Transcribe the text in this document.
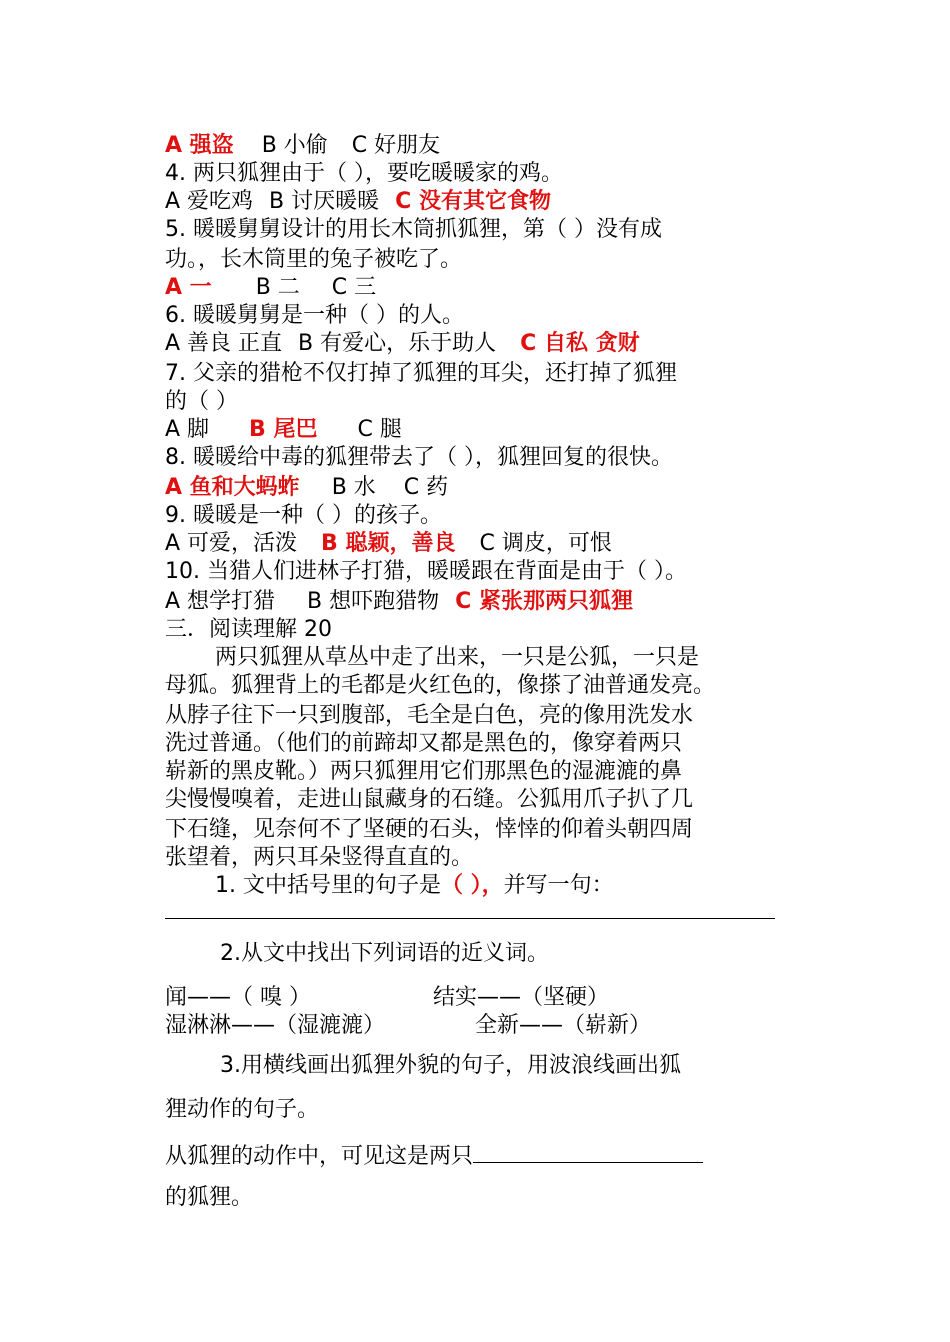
A 强盗 B 小偷 C 好朋友
4. 两只狐狸由于（ ），要吃暖暖家的鸡。
A 爱吃鸡 B 讨厌暖暖 C 没有其它食物
5. 暖暖舅舅设计的用长木筒抓狐狸，第（ ）没有成
功。，长木筒里的兔子被吃了。
A 一 B 二 C 三
6. 暖暖舅舅是一种（ ）的人。
A 善良 正直 B 有爱心，乐于助人 C 自私 贪财
7. 父亲的猎枪不仅打掉了狐狸的耳尖，还打掉了狐狸
的（ ）
A 脚 B 尾巴 C 腿
8. 暖暖给中毒的狐狸带去了（ ），狐狸回复的很快。
A 鱼和大蚂蚱 B 水 C 药
9. 暖暖是一种（ ）的孩子。
A 可爱，活泼 B 聪颖，善良 C 调皮，可恨
10. 当猎人们进林子打猎，暖暖跟在背面是由于（ ）。
A 想学打猎 B 想吓跑猎物 C 紧张那两只狐狸
三．阅读理解 20
两只狐狸从草丛中走了出来，一只是公狐，一只是
母狐。狐狸背上的毛都是火红色的，像搽了油普通发亮。
从脖子往下一只到腹部，毛全是白色，亮的像用洗发水
洗过普通。（他们的前蹄却又都是黑色的，像穿着两只
崭新的黑皮靴。）两只狐狸用它们那黑色的湿漉漉的鼻
尖慢慢嗅着，走进山鼠藏身的石缝。公狐用爪子扒了几
下石缝，见奈何不了坚硬的石头，悻悻的仰着头朝四周
张望着，两只耳朵竖得直直的。
1. 文中括号里的句子是（ ），并写一句：
2.从文中找出下列词语的近义词。
闻——（ 嗅 ）	结实——（坚硬）
湿淋淋——（湿漉漉）	全新——（崭新）
3.用横线画出狐狸外貌的句子，用波浪线画出狐
狸动作的句子。
从狐狸的动作中，可见这是两只
的狐狸。
